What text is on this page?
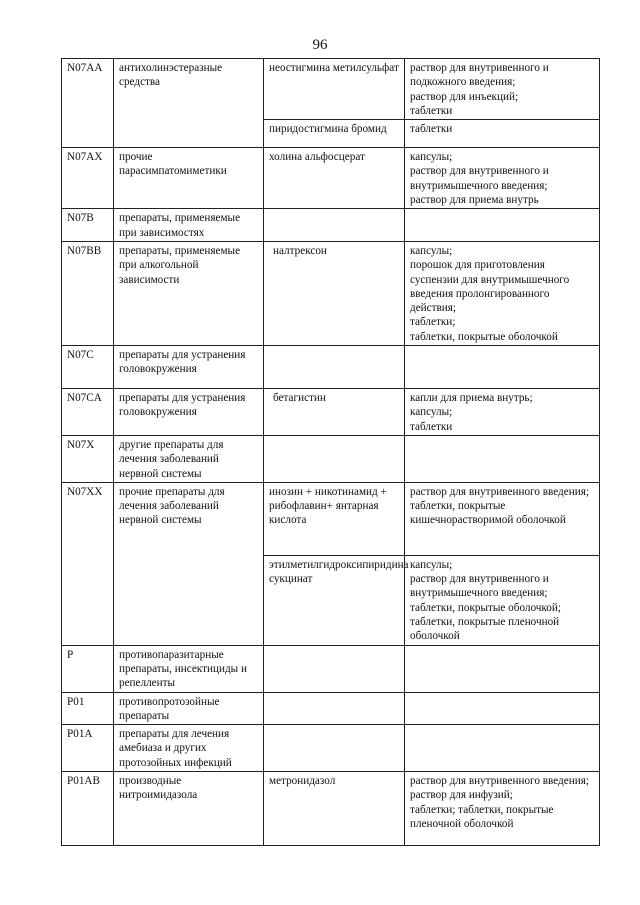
96
N07AA	антихолинэстеразные средства	неостигмина метилсульфат	раствор для внутривенного и подкожного введения;
раствор для инъекций;
таблетки

		пиридостигмина бромид	таблетки

N07AX	прочие парасимпатомиметики	холина альфосцерат	капсулы;
раствор для внутривенного и внутримышечного введения;
раствор для приема внутрь

N07B	препараты, применяемые при зависимостях		
N07BB	препараты, применяемые при алкогольной зависимости	налтрексон	капсулы;
порошок для приготовления суспензии для внутримышечного введения пролонгированного действия;
таблетки;
таблетки, покрытые оболочкой

N07C	препараты для устранения головокружения		
N07CA	препараты для устранения головокружения	бетагистин	капли для приема внутрь;
капсулы;
таблетки

N07X	другие препараты для лечения заболеваний нервной системы		
N07XX	прочие препараты для лечения заболеваний нервной системы	инозин + никотинамид + рибофлавин+ янтарная кислота	раствор для внутривенного введения;
таблетки, покрытые кишечнорастворимой оболочкой

		этилметилгидроксипиридина сукцинат	капсулы;
раствор для внутривенного и внутримышечного введения;
таблетки, покрытые оболочкой;
таблетки, покрытые пленочной оболочкой

P	противопаразитарные препараты, инсектициды и репелленты		
P01	противопротозойные препараты		
P01A	препараты для лечения амебиаза и других протозойных инфекций		
P01AB	производные нитроимидазола	метронидазол	раствор для внутривенного введения;
раствор для инфузий;
таблетки; таблетки, покрытые пленочной оболочкой
